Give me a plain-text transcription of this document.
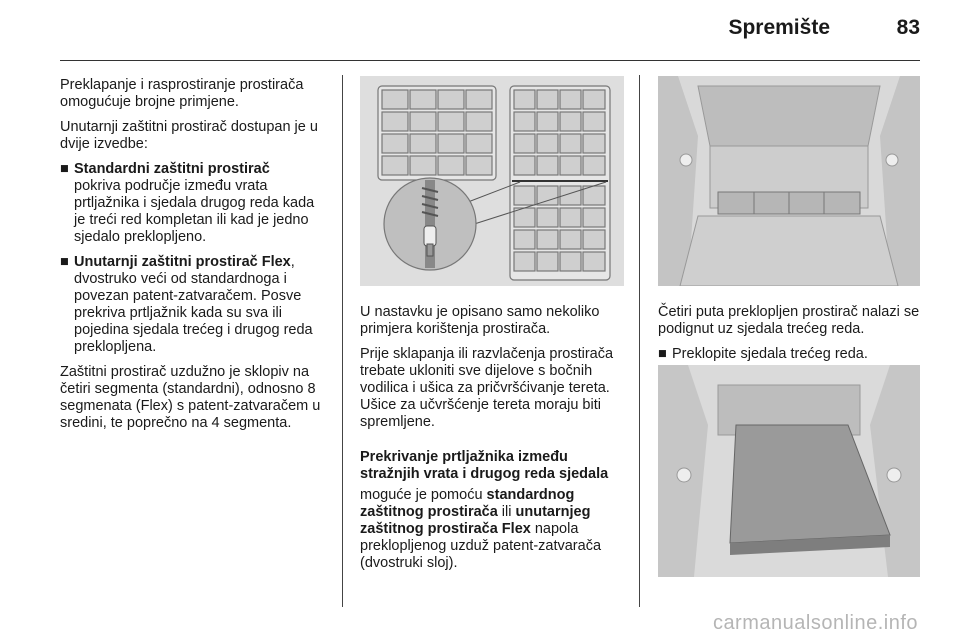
Spremište	83

Preklapanje i rasprostiranje prostirača omogućuje brojne primjene.

Unutarnji zaštitni prostirač dostupan je u dvije izvedbe:

■ Standardni zaštitni prostirač
pokriva područje između vrata prtljažnika i sjedala drugog reda kada je treći red kompletan ili kad je jedno sjedalo preklopljeno.
■ Unutarnji zaštitni prostirač Flex, dvostruko veći od standardnoga i povezan patent-zatvaračem. Posve prekriva prtljažnik kada su sva ili pojedina sjedala trećeg i drugog reda preklopljena.

Zaštitni prostirač uzdužno je sklopiv na četiri segmenta (standardni), odnosno 8 segmenata (Flex) s patent-zatvaračem u sredini, te poprečno na 4 segmenta.

U nastavku je opisano samo nekoliko primjera korištenja prostirača.

Prije sklapanja ili razvlačenja prostirača trebate ukloniti sve dijelove s bočnih vodilica i ušica za pričvršćivanje tereta. Ušice za učvršćenje tereta moraju biti spremljene.

Prekrivanje prtljažnika između stražnjih vrata i drugog reda sjedala

moguće je pomoću standardnog zaštitnog prostirača ili unutarnjeg zaštitnog prostirača Flex napola preklopljenog uzduž patent-zatvarača (dvostruki sloj).

Četiri puta preklopljen prostirač nalazi se podignut uz sjedala trećeg reda.

■ Preklopite sjedala trećeg reda.
carmanualsonline.info
